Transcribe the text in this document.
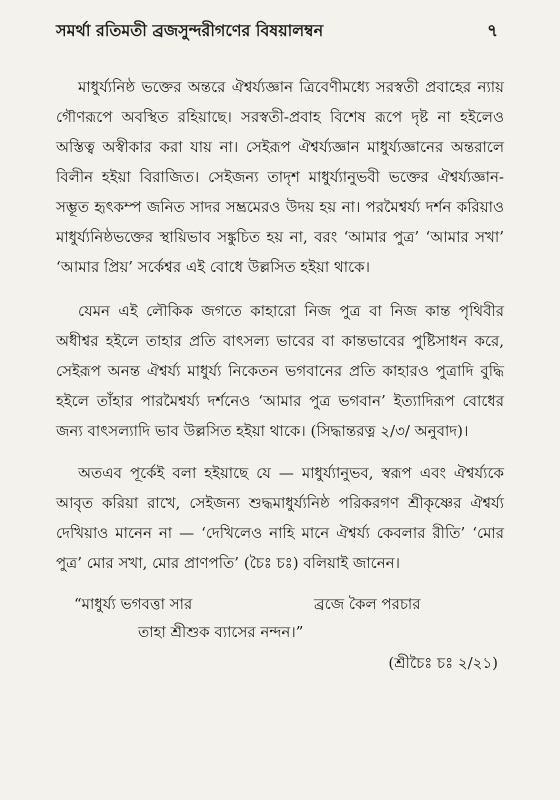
সমর্থা রতিমতী ব্রজসুন্দরীগণের বিষয়ালম্বন	৭

মাধুর্য্যনিষ্ঠ ভক্তের অন্তরে ঐশ্বর্য্যজ্ঞান ত্রিবেণীমধ্যে সরস্বতী প্রবাহের ন্যায় গৌণরূপে অবস্থিত রহিয়াছে। সরস্বতী-প্রবাহ বিশেষ রূপে দৃষ্ট না হইলেও অস্তিত্ব অস্বীকার করা যায় না। সেইরূপ ঐশ্বর্য্যজ্ঞান মাধুর্য্যজ্ঞানের অন্তরালে বিলীন হইয়া বিরাজিত। সেইজন্য তাদৃশ মাধুর্য্যানুভবী ভক্তের ঐশ্বর্য্যজ্ঞান-সম্ভূত হৃৎকম্প জনিত সাদর সম্ভ্রমেরও উদয় হয় না। পরমৈশ্বর্য্য দর্শন করিয়াও মাধুর্য্যনিষ্ঠভক্তের স্থায়িভাব সঙ্কুচিত হয় না, বরং ‘আমার পুত্র’ ‘আমার সখা’ ‘আমার প্রিয়’ সর্কেশ্বর এই বোধে উল্লসিত হইয়া থাকে।

যেমন এই লৌকিক জগতে কাহারো নিজ পুত্র বা নিজ কান্ত পৃথিবীর অধীশ্বর হইলে তাহার প্রতি বাৎসল্য ভাবের বা কান্তভাবের পুষ্টিসাধন করে, সেইরূপ অনন্ত ঐশ্বর্য্য মাধুর্য্য নিকেতন ভগবানের প্রতি কাহারও পুত্রাদি বুদ্ধি হইলে তাঁহার পারমৈশ্বর্য্য দর্শনেও ‘আমার পুত্র ভগবান’ ইত্যাদিরূপ বোধের জন্য বাৎসল্যাদি ভাব উল্লসিত হইয়া থাকে। (সিদ্ধান্তরত্ন ২/৩/ অনুবাদ)।

অতএব পূর্কেই বলা হইয়াছে যে — মাধুর্য্যানুভব, স্বরূপ এবং ঐশ্বর্য্যকে আবৃত করিয়া রাখে, সেইজন্য শুদ্ধমাধুর্য্যনিষ্ঠ পরিকরগণ শ্রীকৃষ্ণের ঐশ্বর্য্য দেখিয়াও মানেন না — ‘দেখিলেও নাহি মানে ঐশ্বর্য্য কেবলার রীতি’ ‘মোর পুত্র’ মোর সখা, মোর প্রাণপতি’ (চৈঃ চঃ) বলিয়াই জানেন।

“মাধুর্য্য ভগবত্তা সার	ব্রজে কৈল পরচার
তাহা শ্রীশুক ব্যাসের নন্দন।”
(শ্রীচৈঃ চঃ ২/২১)
